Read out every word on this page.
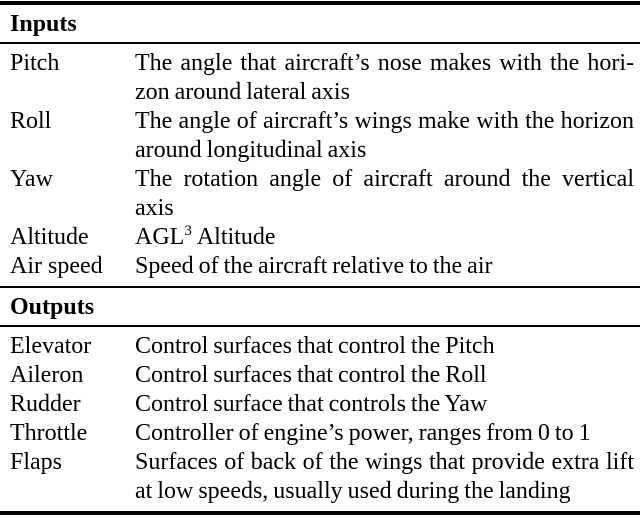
Inputs
Pitch	The angle that aircraft’s nose makes with the horizon around lateral axis
Roll	The angle of aircraft’s wings make with the horizon around longitudinal axis
Yaw	The rotation angle of aircraft around the vertical axis
Altitude	AGL$^3$ Altitude
Air speed	Speed of the aircraft relative to the air
Outputs
Elevator	Control surfaces that control the Pitch
Aileron	Control surfaces that control the Roll
Rudder	Control surface that controls the Yaw
Throttle	Controller of engine’s power, ranges from 0 to 1
Flaps	Surfaces of back of the wings that provide extra lift at low speeds, usually used during the landing
